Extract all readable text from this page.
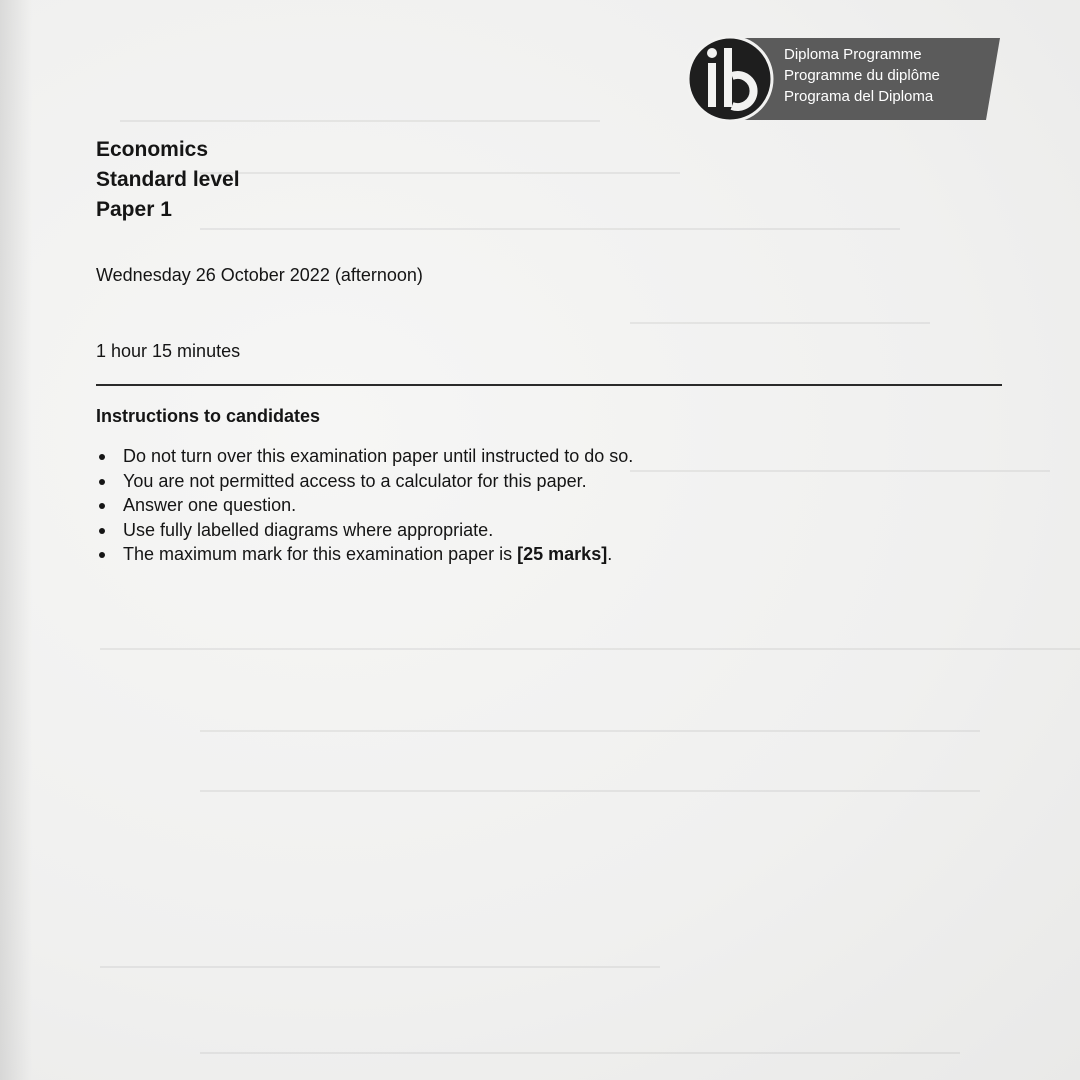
Diploma Programme
Programme du diplôme
Programa del Diploma
Economics
Standard level
Paper 1
Wednesday 26 October 2022 (afternoon)
1 hour 15 minutes
Instructions to candidates
Do not turn over this examination paper until instructed to do so.
You are not permitted access to a calculator for this paper.
Answer one question.
Use fully labelled diagrams where appropriate.
The maximum mark for this examination paper is [25 marks].
